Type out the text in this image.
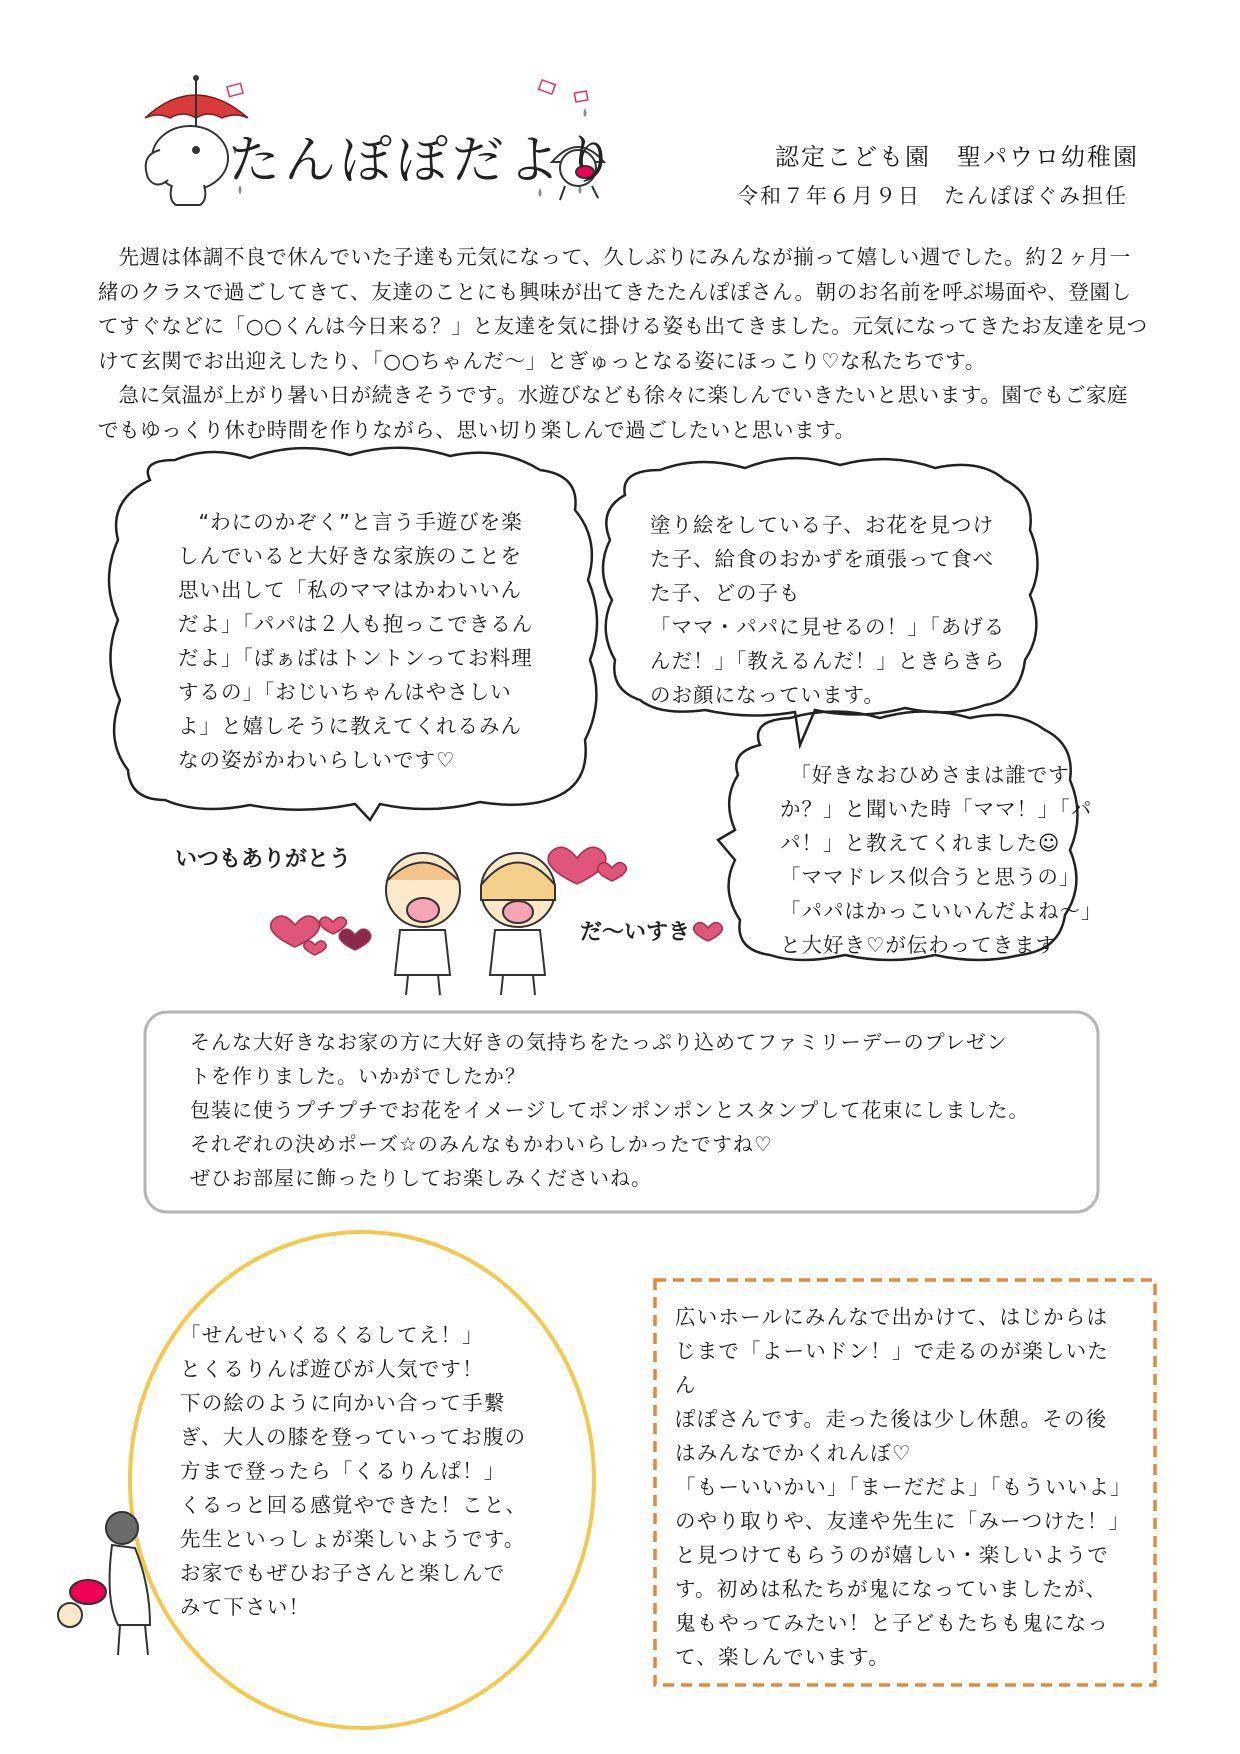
たんぽぽだより	認定こども園　聖パウロ幼稚園
令和７年６月９日　たんぽぽぐみ担任

先週は体調不良で休んでいた子達も元気になって、久しぶりにみんなが揃って嬉しい週でした。約２ヶ月一緒のクラスで過ごしてきて、友達のことにも興味が出てきたたんぽぽさん。朝のお名前を呼ぶ場面や、登園してすぐなどに「○○くんは今日来る？」と友達を気に掛ける姿も出てきました。元気になってきたお友達を見つけて玄関でお出迎えしたり、「○○ちゃんだ～」とぎゅっとなる姿にほっこり♡な私たちです。

急に気温が上がり暑い日が続きそうです。水遊びなども徐々に楽しんでいきたいと思います。園でもご家庭でもゆっくり休む時間を作りながら、思い切り楽しんで過ごしたいと思います。

“わにのかぞく”と言う手遊びを楽

しんでいると大好きな家族のことを

思い出して「私のママはかわいいん

だよ」「パパは２人も抱っこできるん

だよ」「ばぁばはトントンってお料理

するの」「おじいちゃんはやさしい

よ」と嬉しそうに教えてくれるみん

なの姿がかわいらしいです♡

塗り絵をしている子、お花を見つけ

た子、給食のおかずを頑張って食べ

た子、どの子も

「ママ・パパに見せるの！」「あげる

んだ！」「教えるんだ！」ときらきら

のお顔になっています。

「好きなおひめさまは誰です

か？」と聞いた時「ママ！」「パ

パ！」と教えてくれました☺

「ママドレス似合うと思うの」

「パパはかっこいいんだよね～」

と大好き♡が伝わってきます

いつもありがとう
だ～いすき

そんな大好きなお家の方に大好きの気持ちをたっぷり込めてファミリーデーのプレゼン

トを作りました。いかがでしたか？

包装に使うプチプチでお花をイメージしてポンポンポンとスタンプして花束にしました。

それぞれの決めポーズ☆のみんなもかわいらしかったですね♡

ぜひお部屋に飾ったりしてお楽しみくださいね。

「せんせいくるくるしてえ！」

とくるりんぱ遊びが人気です！

下の絵のように向かい合って手繋

ぎ、大人の膝を登っていってお腹の

方まで登ったら「くるりんぱ！」

くるっと回る感覚やできた！こと、

先生といっしょが楽しいようです。

お家でもぜひお子さんと楽しんで

みて下さい！

広いホールにみんなで出かけて、はじからは

じまで「よーいドン！」で走るのが楽しいたん

ぽぽさんです。走った後は少し休憩。その後

はみんなでかくれんぼ♡

「もーいいかい」「まーだだよ」「もういいよ」

のやり取りや、友達や先生に「みーつけた！」

と見つけてもらうのが嬉しい・楽しいようで

す。初めは私たちが鬼になっていましたが、

鬼もやってみたい！と子どもたちも鬼になっ

て、楽しんでいます。
